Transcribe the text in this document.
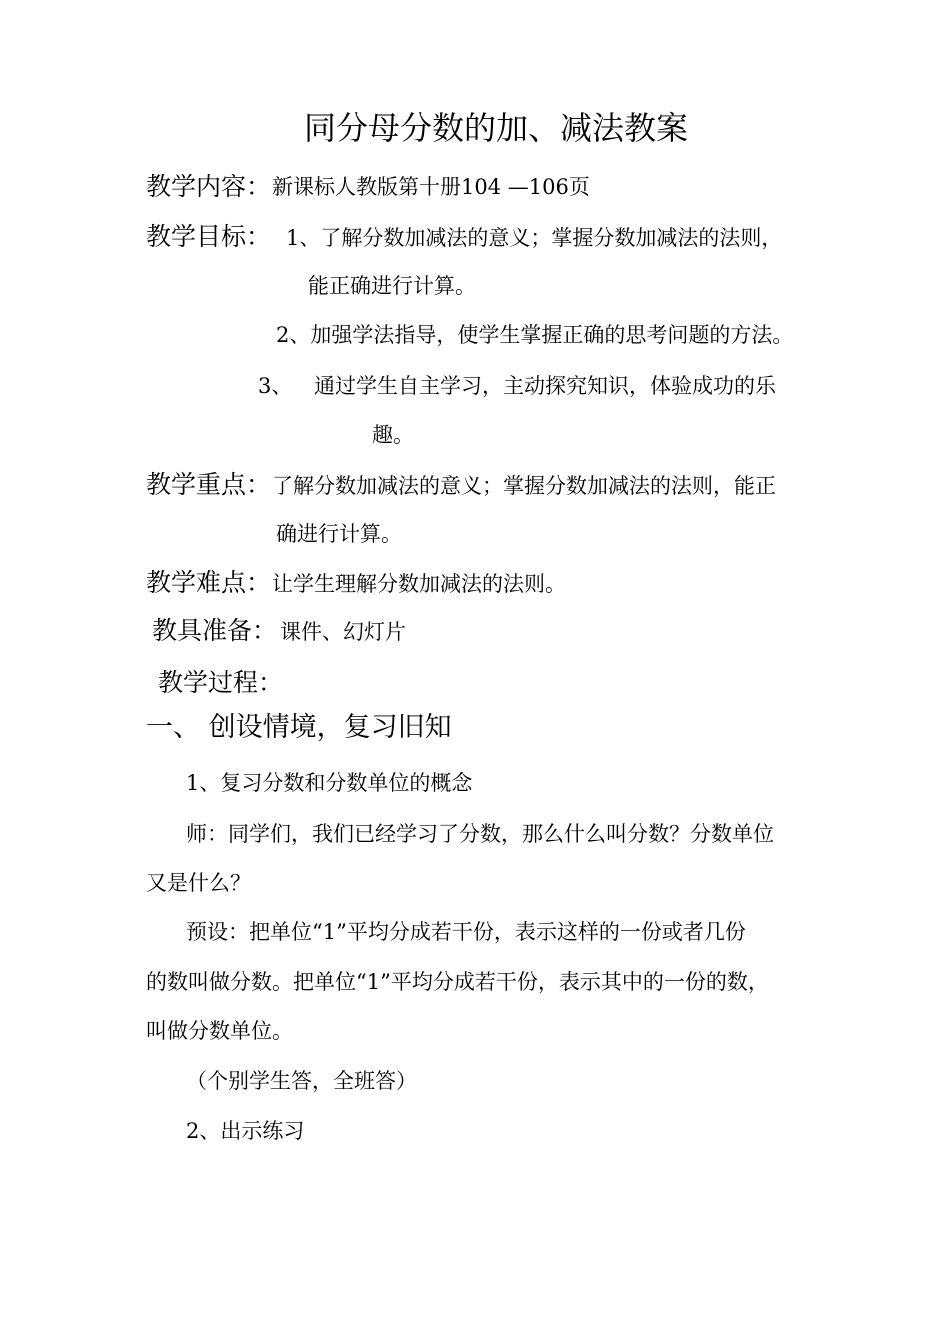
同分母分数的加、减法教案
教学内容： 新课标人教版第十册104 —106页
教学目标： 1、了解分数加减法的意义；掌握分数加减法的法则，
能正确进行计算。
2、加强学法指导，使学生掌握正确的思考问题的方法。
3、 通过学生自主学习，主动探究知识，体验成功的乐
趣。
教学重点： 了解分数加减法的意义；掌握分数加减法的法则，能正
确进行计算。
教学难点： 让学生理解分数加减法的法则。
教具准备： 课件、幻灯片
教学过程：
一、 创设情境，复习旧知
1、复习分数和分数单位的概念
师：同学们，我们已经学习了分数，那么什么叫分数？分数单位
又是什么？
预设：把单位“1”平均分成若干份，表示这样的一份或者几份
的数叫做分数。把单位“1”平均分成若干份，表示其中的一份的数，
叫做分数单位。
（个别学生答，全班答）
2、出示练习
